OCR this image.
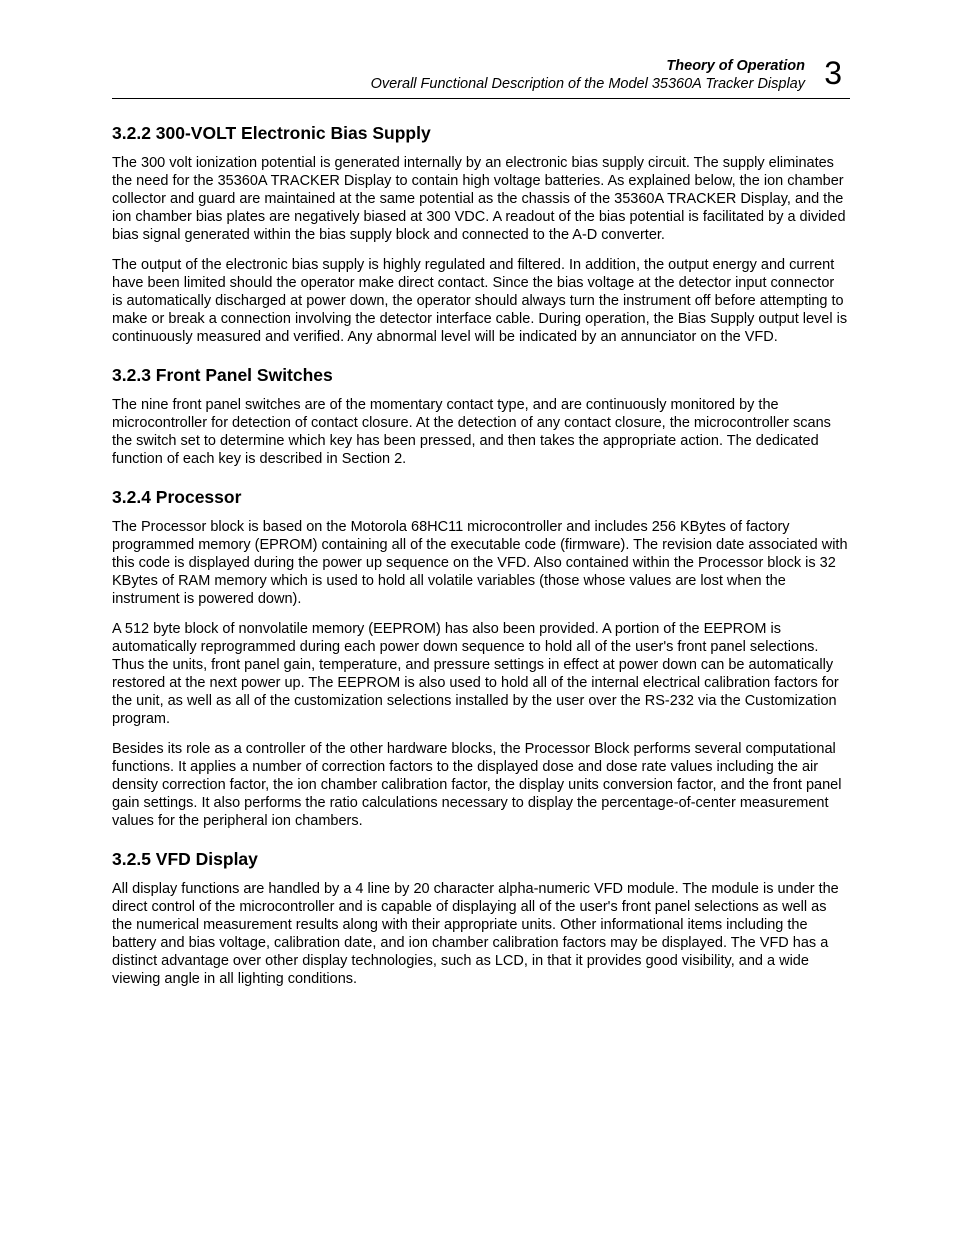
Theory of Operation
Overall Functional Description of the Model 35360A Tracker Display 3
3.2.2 300-VOLT Electronic Bias Supply

The 300 volt ionization potential is generated internally by an electronic bias supply circuit. The supply eliminates the need for the 35360A TRACKER Display to contain high voltage batteries. As explained below, the ion chamber collector and guard are maintained at the same potential as the chassis of the 35360A TRACKER Display, and the ion chamber bias plates are negatively biased at 300 VDC. A readout of the bias potential is facilitated by a divided bias signal generated within the bias supply block and connected to the A-D converter.

The output of the electronic bias supply is highly regulated and filtered. In addition, the output energy and current have been limited should the operator make direct contact. Since the bias voltage at the detector input connector is automatically discharged at power down, the operator should always turn the instrument off before attempting to make or break a connection involving the detector interface cable. During operation, the Bias Supply output level is continuously measured and verified. Any abnormal level will be indicated by an annunciator on the VFD.

3.2.3 Front Panel Switches

The nine front panel switches are of the momentary contact type, and are continuously monitored by the microcontroller for detection of contact closure. At the detection of any contact closure, the microcontroller scans the switch set to determine which key has been pressed, and then takes the appropriate action. The dedicated function of each key is described in Section 2.

3.2.4 Processor

The Processor block is based on the Motorola 68HC11 microcontroller and includes 256 KBytes of factory programmed memory (EPROM) containing all of the executable code (firmware). The revision date associated with this code is displayed during the power up sequence on the VFD. Also contained within the Processor block is 32 KBytes of RAM memory which is used to hold all volatile variables (those whose values are lost when the instrument is powered down).

A 512 byte block of nonvolatile memory (EEPROM) has also been provided. A portion of the EEPROM is automatically reprogrammed during each power down sequence to hold all of the user's front panel selections. Thus the units, front panel gain, temperature, and pressure settings in effect at power down can be automatically restored at the next power up. The EEPROM is also used to hold all of the internal electrical calibration factors for the unit, as well as all of the customization selections installed by the user over the RS-232 via the Customization program.

Besides its role as a controller of the other hardware blocks, the Processor Block performs several computational functions. It applies a number of correction factors to the displayed dose and dose rate values including the air density correction factor, the ion chamber calibration factor, the display units conversion factor, and the front panel gain settings. It also performs the ratio calculations necessary to display the percentage-of-center measurement values for the peripheral ion chambers.

3.2.5 VFD Display

All display functions are handled by a 4 line by 20 character alpha-numeric VFD module. The module is under the direct control of the microcontroller and is capable of displaying all of the user's front panel selections as well as the numerical measurement results along with their appropriate units. Other informational items including the battery and bias voltage, calibration date, and ion chamber calibration factors may be displayed. The VFD has a distinct advantage over other display technologies, such as LCD, in that it provides good visibility, and a wide viewing angle in all lighting conditions.
